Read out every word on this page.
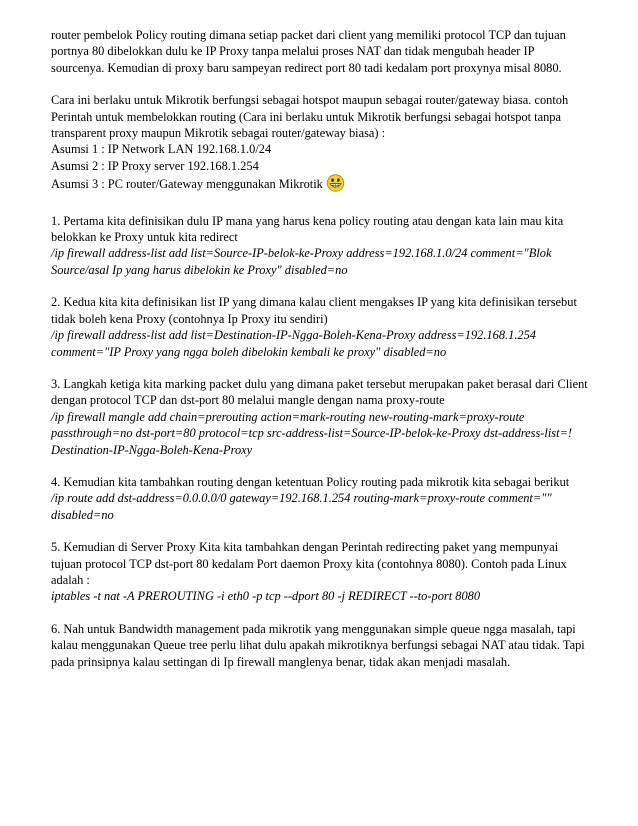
router pembelok Policy routing dimana setiap packet dari client yang memiliki protocol TCP dan tujuan
portnya 80 dibelokkan dulu ke IP Proxy tanpa melalui proses NAT dan tidak mengubah header IP
sourcenya. Kemudian di proxy baru sampeyan redirect port 80 tadi kedalam port proxynya misal 8080.

Cara ini berlaku untuk Mikrotik berfungsi sebagai hotspot maupun sebagai router/gateway biasa. contoh
Perintah untuk membelokkan routing (Cara ini berlaku untuk Mikrotik berfungsi sebagai hotspot tanpa
transparent proxy maupun Mikrotik sebagai router/gateway biasa) :
Asumsi 1 : IP Network LAN 192.168.1.0/24
Asumsi 2 : IP Proxy server 192.168.1.254
Asumsi 3 : PC router/Gateway menggunakan Mikrotik

1. Pertama kita definisikan dulu IP mana yang harus kena policy routing atau dengan kata lain mau kita
belokkan ke Proxy untuk kita redirect
/ip firewall address-list add list=Source-IP-belok-ke-Proxy address=192.168.1.0/24 comment="Blok
Source/asal Ip yang harus dibelokin ke Proxy" disabled=no

2. Kedua kita kita definisikan list IP yang dimana kalau client mengakses IP yang kita definisikan tersebut
tidak boleh kena Proxy (contohnya Ip Proxy itu sendiri)
/ip firewall address-list add list=Destination-IP-Ngga-Boleh-Kena-Proxy address=192.168.1.254
comment="IP Proxy yang ngga boleh dibelokin kembali ke proxy" disabled=no

3. Langkah ketiga kita marking packet dulu yang dimana paket tersebut merupakan paket berasal dari Client
dengan protocol TCP dan dst-port 80 melalui mangle dengan nama proxy-route
/ip firewall mangle add chain=prerouting action=mark-routing new-routing-mark=proxy-route
passthrough=no dst-port=80 protocol=tcp src-address-list=Source-IP-belok-ke-Proxy dst-address-list=!
Destination-IP-Ngga-Boleh-Kena-Proxy

4. Kemudian kita tambahkan routing dengan ketentuan Policy routing pada mikrotik kita sebagai berikut
/ip route add dst-address=0.0.0.0/0 gateway=192.168.1.254 routing-mark=proxy-route comment=""
disabled=no

5. Kemudian di Server Proxy Kita kita tambahkan dengan Perintah redirecting paket yang mempunyai
tujuan protocol TCP dst-port 80 kedalam Port daemon Proxy kita (contohnya 8080). Contoh pada Linux
adalah :
iptables -t nat -A PREROUTING -i eth0 -p tcp --dport 80 -j REDIRECT --to-port 8080

6. Nah untuk Bandwidth management pada mikrotik yang menggunakan simple queue ngga masalah, tapi
kalau menggunakan Queue tree perlu lihat dulu apakah mikrotiknya berfungsi sebagai NAT atau tidak. Tapi
pada prinsipnya kalau settingan di Ip firewall manglenya benar, tidak akan menjadi masalah.
